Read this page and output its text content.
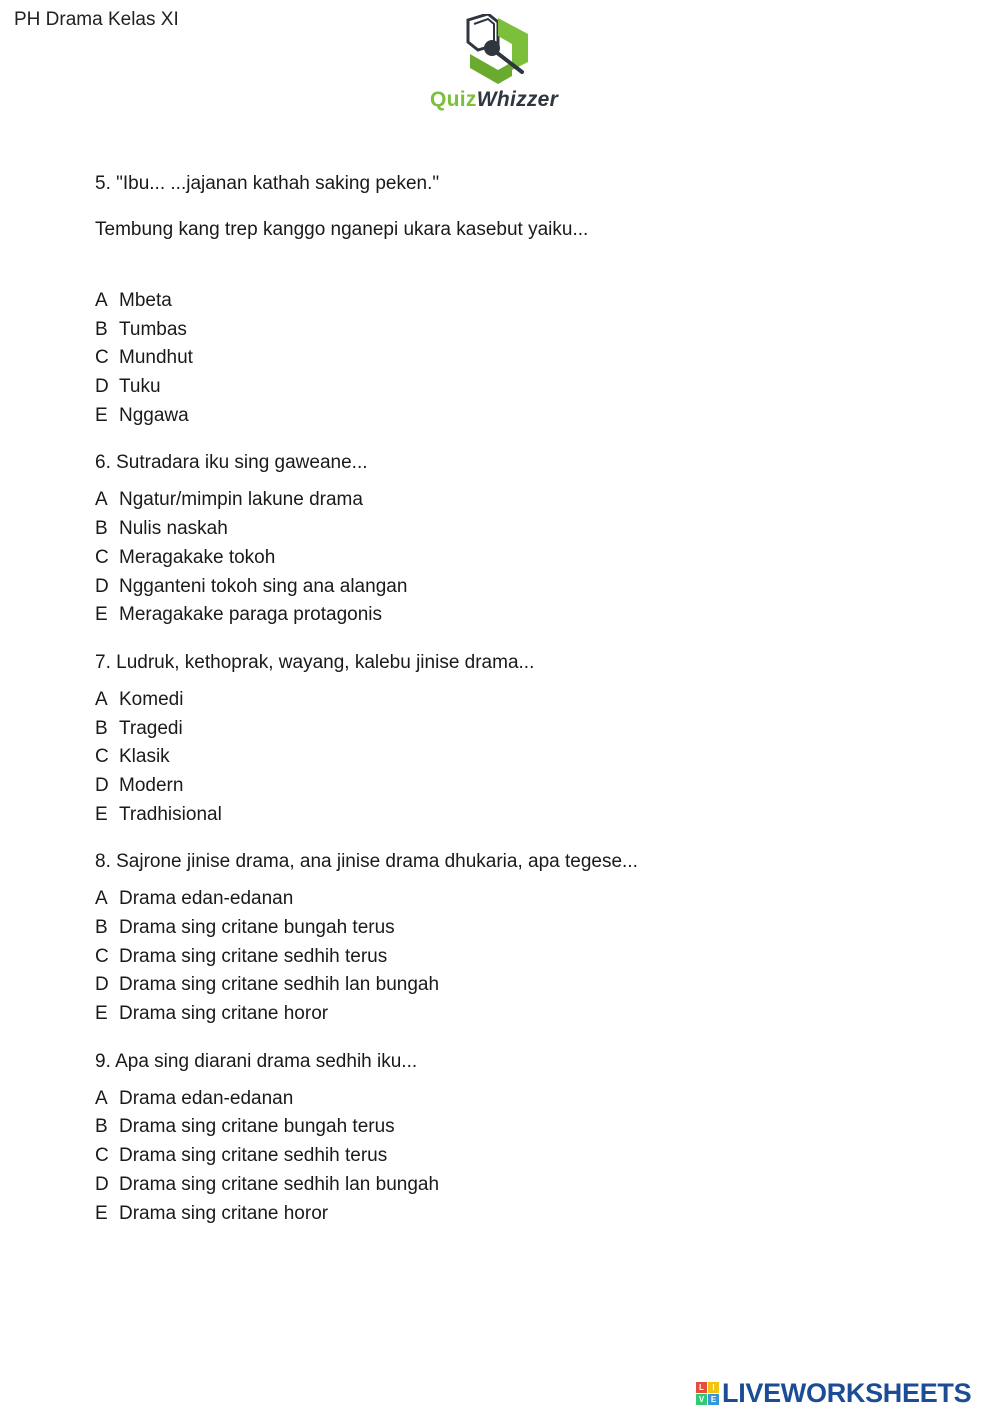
PH Drama Kelas XI
QuizWhizzer
5. "Ibu... ...jajanan kathah saking peken."
Tembung kang trep kanggo nganepi ukara kasebut yaiku...
A Mbeta
B Tumbas
C Mundhut
D Tuku
E Nggawa
6. Sutradara iku sing gaweane...
A Ngatur/mimpin lakune drama
B Nulis naskah
C Meragakake tokoh
D Ngganteni tokoh sing ana alangan
E Meragakake paraga protagonis
7. Ludruk, kethoprak, wayang, kalebu jinise drama...
A Komedi
B Tragedi
C Klasik
D Modern
E Tradhisional
8. Sajrone jinise drama, ana jinise drama dhukaria, apa tegese...
A Drama edan-edanan
B Drama sing critane bungah terus
C Drama sing critane sedhih terus
D Drama sing critane sedhih lan bungah
E Drama sing critane horor
9. Apa sing diarani drama sedhih iku...
A Drama edan-edanan
B Drama sing critane bungah terus
C Drama sing critane sedhih terus
D Drama sing critane sedhih lan bungah
E Drama sing critane horor
L	I
V E LIVEWORKSHEETS
